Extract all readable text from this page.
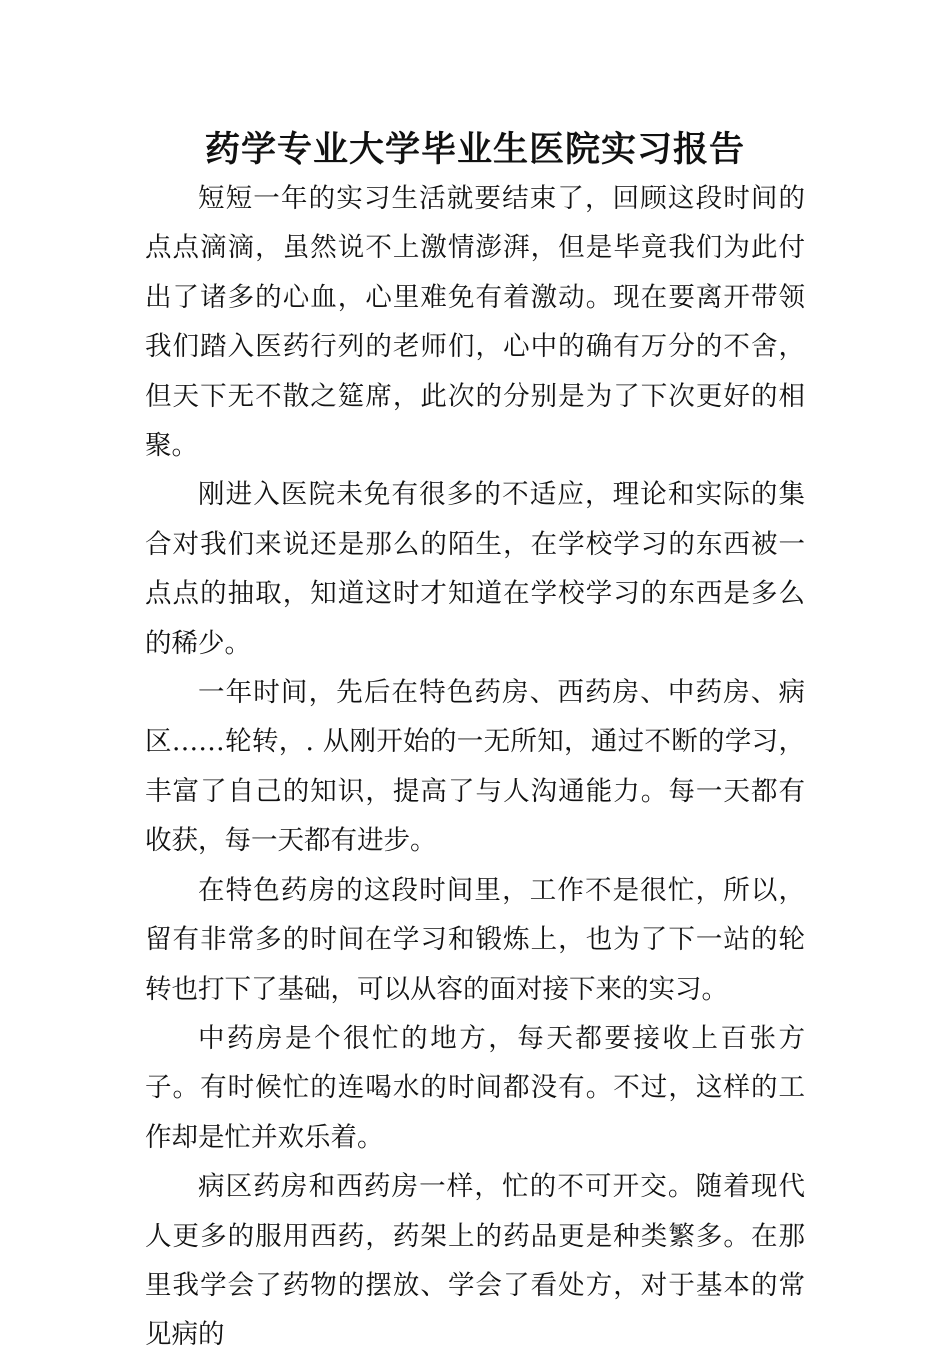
药学专业大学毕业生医院实习报告

短短一年的实习生活就要结束了，回顾这段时间的点点滴滴，虽然说不上激情澎湃，但是毕竟我们为此付出了诸多的心血，心里难免有着激动。现在要离开带领我们踏入医药行列的老师们，心中的确有万分的不舍，但天下无不散之筵席，此次的分别是为了下次更好的相聚。

刚进入医院未免有很多的不适应，理论和实际的集合对我们来说还是那么的陌生，在学校学习的东西被一点点的抽取，知道这时才知道在学校学习的东西是多么的稀少。

一年时间，先后在特色药房、西药房、中药房、病区……轮转，. 从刚开始的一无所知，通过不断的学习，丰富了自己的知识，提高了与人沟通能力。每一天都有收获，每一天都有进步。

在特色药房的这段时间里，工作不是很忙，所以，留有非常多的时间在学习和锻炼上，也为了下一站的轮转也打下了基础，可以从容的面对接下来的实习。

中药房是个很忙的地方，每天都要接收上百张方子。有时候忙的连喝水的时间都没有。不过，这样的工作却是忙并欢乐着。

病区药房和西药房一样，忙的不可开交。随着现代人更多的服用西药，药架上的药品更是种类繁多。在那里我学会了药物的摆放、学会了看处方，对于基本的常见病的
